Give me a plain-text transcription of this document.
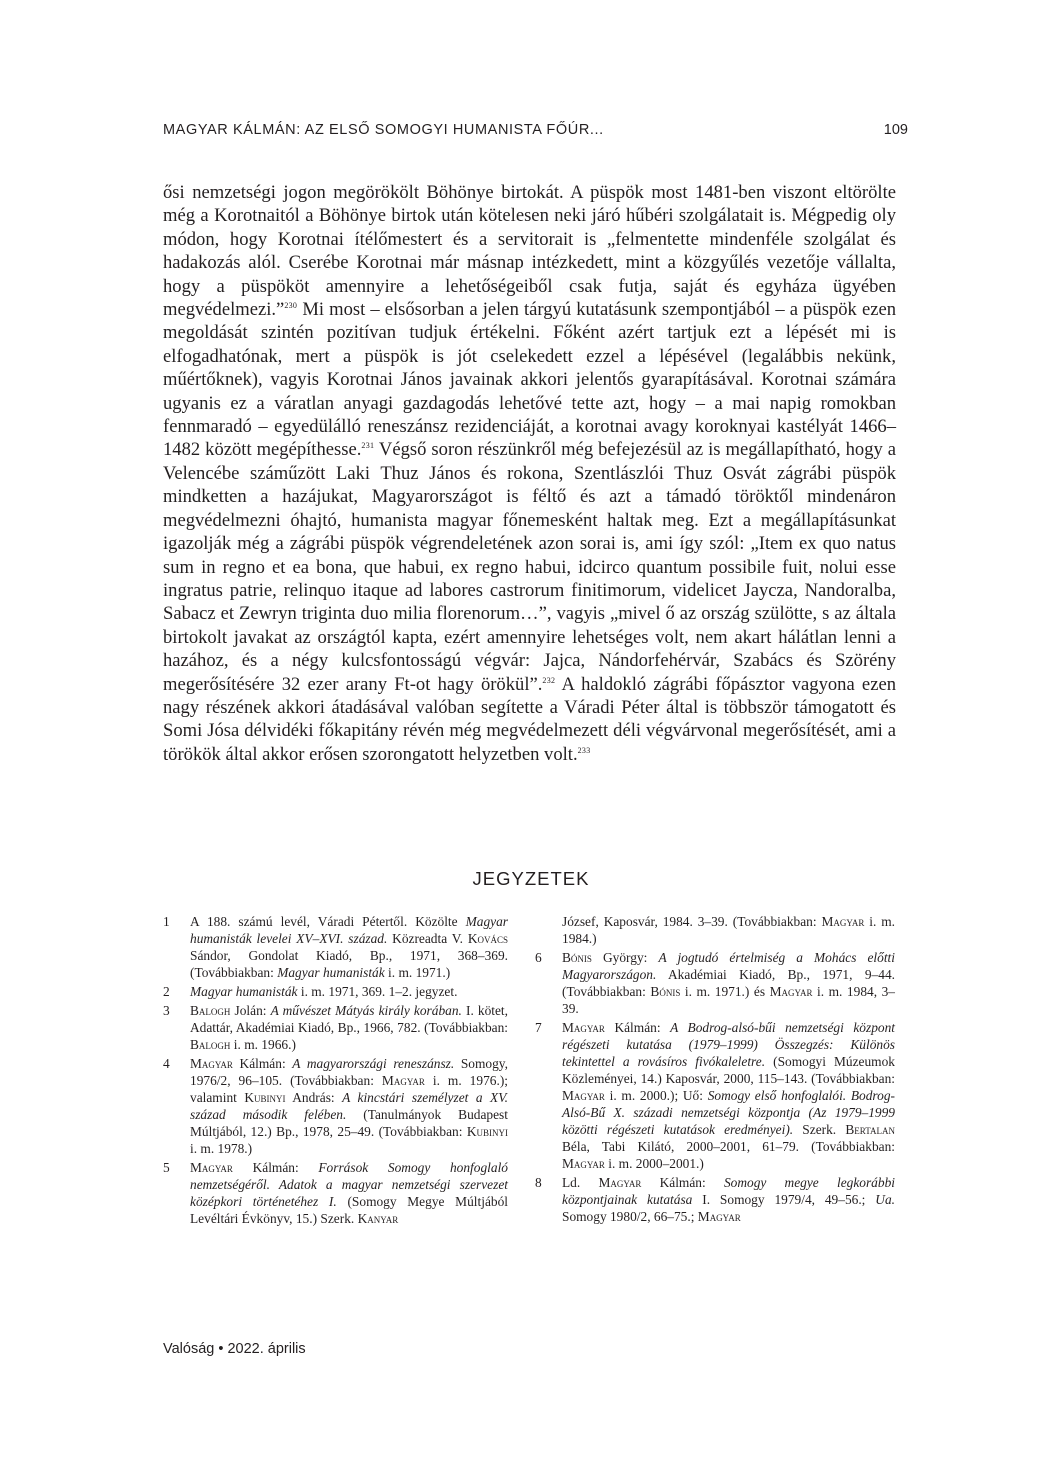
MAGYAR KÁLMÁN: AZ ELSŐ SOMOGYI HUMANISTA FŐÚR...	109

ősi nemzetségi jogon megörökölt Böhönye birtokát. A püspök most 1481-ben viszont eltörölte még a Korotnaitól a Böhönye birtok után kötelesen neki járó hűbéri szolgálatait is. Mégpedig oly módon, hogy Korotnai ítélőmestert és a servitorait is „felmentette mindenféle szolgálat és hadakozás alól. Cserébe Korotnai már másnap intézkedett, mint a közgyűlés vezetője vállalta, hogy a püspököt amennyire a lehetőségeiből csak futja, saját és egyháza ügyében megvédelmezi.”$^{230}$ Mi most – elsősorban a jelen tárgyú kutatásunk szempontjából – a püspök ezen megoldását szintén pozitívan tudjuk értékelni. Főként azért tartjuk ezt a lépését mi is elfogadhatónak, mert a püspök is jót cselekedett ezzel a lépésével (legalábbis nekünk, műértőknek), vagyis Korotnai János javainak akkori jelentős gyarapításával. Korotnai számára ugyanis ez a váratlan anyagi gazdagodás lehetővé tette azt, hogy – a mai napig romokban fennmaradó – egyedülálló reneszánsz rezidenciáját, a korotnai avagy koroknyai kastélyát 1466–1482 között megépíthesse.$^{231}$ Végső soron részünkről még befejezésül az is megállapítható, hogy a Velencébe száműzött Laki Thuz János és rokona, Szentlászlói Thuz Osvát zágrábi püspök mindketten a hazájukat, Magyarországot is féltő és azt a támadó töröktől mindenáron megvédelmezni óhajtó, humanista magyar főnemesként haltak meg. Ezt a megállapításunkat igazolják még a zágrábi püspök végrendeletének azon sorai is, ami így szól: „Item ex quo natus sum in regno et ea bona, que habui, ex regno habui, idcirco quantum possibile fuit, nolui esse ingratus patrie, relinquo itaque ad labores castrorum finitimorum, videlicet Jaycza, Nandoralba, Sabacz et Zewryn triginta duo milia florenorum…”, vagyis „mivel ő az ország szülötte, s az általa birtokolt javakat az országtól kapta, ezért amennyire lehetséges volt, nem akart hálátlan lenni a hazához, és a négy kulcsfontosságú végvár: Jajca, Nándorfehérvár, Szabács és Szörény megerősítésére 32 ezer arany Ft-ot hagy örökül”.$^{232}$ A haldokló zágrábi főpásztor vagyona ezen nagy részének akkori átadásával valóban segítette a Váradi Péter által is többször támogatott és Somi Jósa délvidéki főkapitány révén még megvédelmezett déli végvárvonal megerősítését, ami a törökök által akkor erősen szorongatott helyzetben volt.$^{233}$

JEGYZETEK
1 A 188. számú levél, Váradi Pétertől. Közölte Magyar humanisták levelei XV–XVI. század. Közreadta V. Kovács Sándor, Gondolat Kiadó, Bp., 1971, 368–369. (Továbbiakban: Magyar humanisták i. m. 1971.)
2 Magyar humanisták i. m. 1971, 369. 1–2. jegyzet.
3 Balogh Jolán: A művészet Mátyás király korában. I. kötet, Adattár, Akadémiai Kiadó, Bp., 1966, 782. (Továbbiakban: Balogh i. m. 1966.)
4 Magyar Kálmán: A magyarországi reneszánsz. Somogy, 1976/2, 96–105. (Továbbiakban: Magyar i. m. 1976.); valamint Kubinyi András: A kincstári személyzet a XV. század második felében. (Tanulmányok Budapest Múltjából, 12.) Bp., 1978, 25–49. (Továbbiakban: Kubinyi i. m. 1978.)
5 Magyar Kálmán: Források Somogy honfoglaló nemzetségéről. Adatok a magyar nemzetségi szervezet középkori történetéhez I. (Somogy Megye Múltjából Levéltári Évkönyv, 15.) Szerk. Kanyar
József, Kaposvár, 1984. 3–39. (Továbbiakban: Magyar i. m. 1984.)
6 Bónis György: A jogtudó értelmiség a Mohács előtti Magyarországon. Akadémiai Kiadó, Bp., 1971, 9–44. (Továbbiakban: Bónis i. m. 1971.) és Magyar i. m. 1984, 3–39.
7 Magyar Kálmán: A Bodrog-alsó-bűi nemzetségi központ régészeti kutatása (1979–1999) Összegzés: Különös tekintettel a rovásíros fivókaleletre. (Somogyi Múzeumok Közleményei, 14.) Kaposvár, 2000, 115–143. (Továbbiakban: Magyar i. m. 2000.); Uő: Somogy első honfoglalói. Bodrog-Alsó-Bű X. századi nemzetségi központja (Az 1979–1999 közötti régészeti kutatások eredményei). Szerk. Bertalan Béla, Tabi Kilátó, 2000–2001, 61–79. (Továbbiakban: Magyar i. m. 2000–2001.)
8 Ld. Magyar Kálmán: Somogy megye legkorábbi központjainak kutatása I. Somogy 1979/4, 49–56.; Ua. Somogy 1980/2, 66–75.; Magyar
Valóság • 2022. április
